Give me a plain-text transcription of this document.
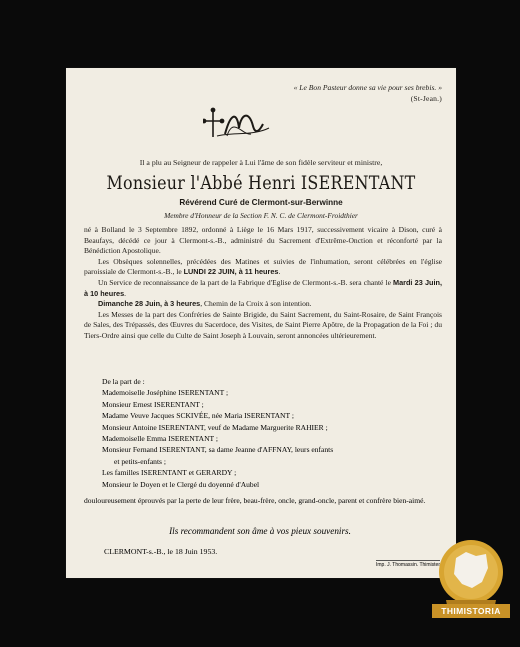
« Le Bon Pasteur donne sa vie pour ses brebis. »
(St-Jean.)
Il a plu au Seigneur de rappeler à Lui l'âme de son fidèle serviteur et ministre,
Monsieur l'Abbé Henri ISERENTANT
Révérend Curé de Clermont-sur-Berwinne
Membre d'Honneur de la Section F. N. C. de Clermont-Froidthier

né à Bolland le 3 Septembre 1892, ordonné à Liège le 16 Mars 1917, successivement vicaire à Dison, curé à Beaufays, décédé ce jour à Clermont-s.-B., administré du Sacrement d'Extrême-Onction et réconforté par la Bénédiction Apostolique.

Les Obsèques solennelles, précédées des Matines et suivies de l'inhumation, seront célébrées en l'église paroissiale de Clermont-s.-B., le LUNDI 22 JUIN, à 11 heures.

Un Service de reconnaissance de la part de la Fabrique d'Eglise de Clermont-s.-B. sera chanté le Mardi 23 Juin, à 10 heures.

Dimanche 28 Juin, à 3 heures, Chemin de la Croix à son intention.

Les Messes de la part des Confréries de Sainte Brigide, du Saint Sacrement, du Saint-Rosaire, de Saint François de Sales, des Trépassés, des Œuvres du Sacerdoce, des Visites, de Saint Pierre Apôtre, de la Propagation de la Foi ; du Tiers-Ordre ainsi que celle du Culte de Saint Joseph à Louvain, seront annoncées ultérieurement.

De la part de :

Mademoiselle Joséphine ISERENTANT ;

Monsieur Ernest ISERENTANT ;

Madame Veuve Jacques SCKIVÉE, née Maria ISERENTANT ;

Monsieur Antoine ISERENTANT, veuf de Madame Marguerite RAHIER ;

Mademoiselle Emma ISERENTANT ;

Monsieur Fernand ISERENTANT, sa dame Jeanne d'AFFNAY, leurs enfants

et petits-enfants ;

Les familles ISERENTANT et GERARDY ;

Monsieur le Doyen et le Clergé du doyenné d'Aubel

douloureusement éprouvés par la perte de leur frère, beau-frère, oncle, grand-oncle, parent et confrère bien-aimé.
Ils recommandent son âme à vos pieux souvenirs.
CLERMONT-s.-B., le 18 Juin 1953.
Imp. J. Thomassin. Thimister
THIMISTORIA
